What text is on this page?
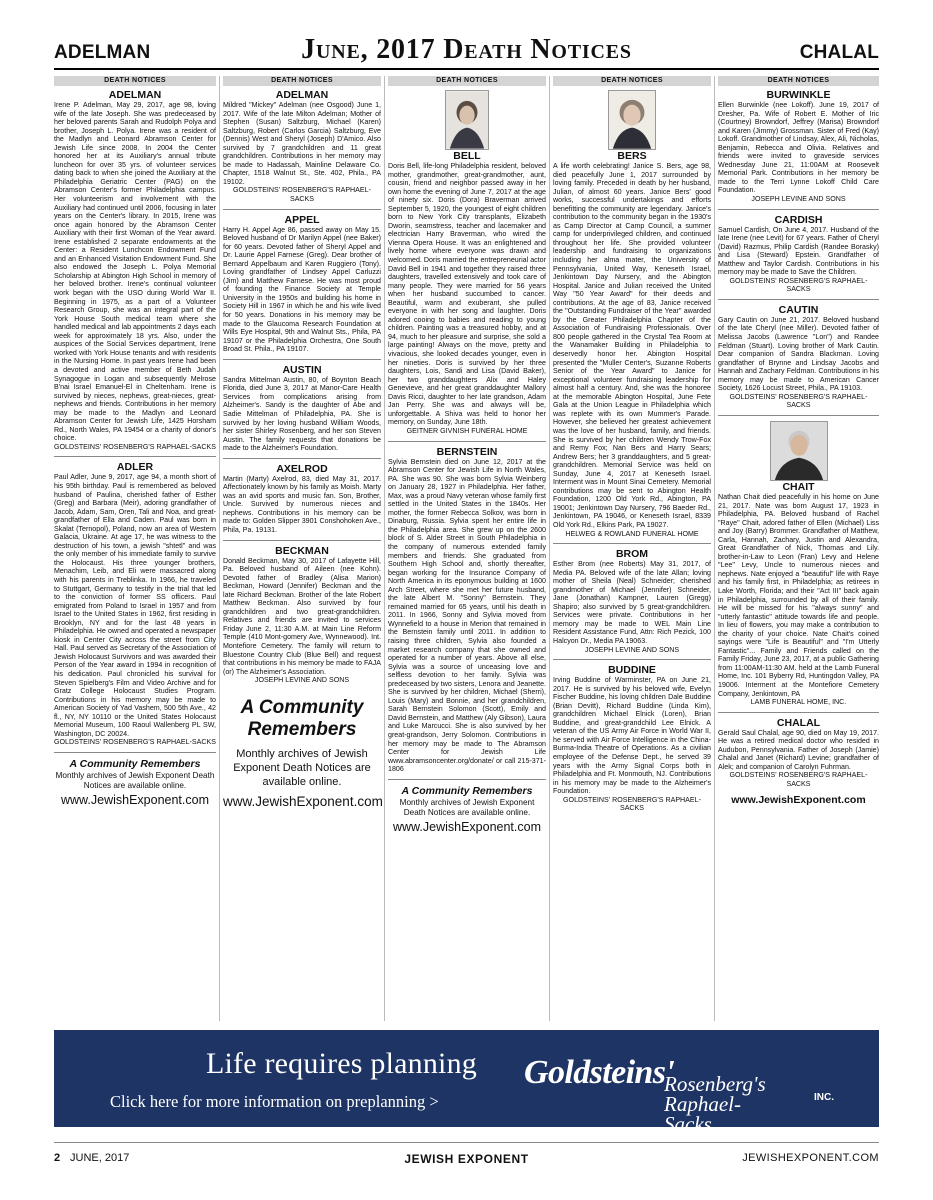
ADELMAN	June, 2017 Death Notices	CHALAL
DEATH NOTICES
ADELMAN

Irene P. Adelman, May 29, 2017, age 98, loving wife of the late Joseph. She was predeceased by her beloved parents Sarah and Rudolph Polya and brother, Joseph L. Polya. Irene was a resident of the Madlyn and Leonard Abramson Center for Jewish Life since 2008. In 2004 the Center honored her at its Auxiliary's annual tribute luncheon for over 35 yrs. of volunteer services dating back to when she joined the Auxiliary at the Philadelphia Geriatric Center (PAG) on the Abramson Center's former Philadelphia campus. Her volunteerism and involvement with the Auxiliary had continued until 2006, focusing in later years on the Center's library. In 2015, Irene was once again honored by the Abramson Center Auxiliary with their first Woman of the Year award. Irene established 2 separate endowments at the Center: a Resident Lunchcon Endowment Fund and an Enhanced Visitation Endowment Fund. She also endowed the Joseph L. Polya Memorial Scholarship at Abington High School in memory of her beloved brother. Irene's continual volunteer work began with the USO during World War II. Beginning in 1975, as a part of a Volunteer Research Group, she was an integral part of the York House South medical team where she handled medical and lab appointments 2 days each week for approximately 18 yrs. Also, under the auspices of the Social Services department, Irene worked with York House tenants and with residents in the Nursing Home. In past years Irene had been a devoted and active member of Beth Judah Synagogue in Logan and subsequently Melrose B'nai Israel Emanuel-El in Cheltenham. Irene is survived by nieces, nephews, great-nieces, great-nephews and friends. Contributions in her memory may be made to the Madlyn and Leonard Abramson Center for Jewish Life, 1425 Horsham Rd., North Wales, PA 19454 or a charity of donor's choice.

GOLDSTEINS' ROSENBERG'S RAPHAEL-SACKS

ADLER

Paul Adler, June 9, 2017, age 94, a month short of his 95th birthday. Paul is remembered as beloved husband of Paulina, cherished father of Esther (Greg) and Barbara (Meir), adoring grandfather of Jacob, Adam, Sam, Oren, Tali and Noa, and great-grandfather of Ella and Caden. Paul was born in Skalat (Ternopol), Poland, now an area of Western Galacia, Ukraine. At age 17, he was witness to the destruction of his town, a jewish "shtetl" and was the only member of his immediate family to survive the Holocaust. His three younger brothers, Menachim, Leib, and Eli were massacred along with his parents in Treblinka. In 1966, he traveled to Stuttgart, Germany to testify in the trial that led to the conviction of former SS officers. Paul emigrated from Poland to Israel in 1957 and from Israel to the United States in 1962, first residing in Brooklyn, NY and for the last 48 years in Philadelphia. He owned and operated a newspaper kiosk in Center City across the street from City Hall. Paul served as Secretary of the Association of Jewish Holocaust Survivors and was awarded their Person of the Year award in 1994 in recognition of his dedication. Paul chronicled his survival for Steven Spielberg's Film and Video Archive and for Gratz College Holocaust Studies Program. Contributions in his memory may be made to American Society of Yad Vashem, 500 5th Ave., 42 fl., NY, NY 10110 or the United States Holocaust Memorial Museum, 100 Raoul Wallenberg PL SW, Washington, DC 20024.

GOLDSTEINS' ROSENBERG'S RAPHAEL-SACKS

A Community Remembers
Monthly archives of Jewish Exponent Death Notices are available online.
www.JewishExponent.com
DEATH NOTICES
ADELMAN

Mildred "Mickey" Adelman (nee Osgood) June 1, 2017. Wife of the late Milton Adelman; Mother of Stephen (Susan) Saltzburg, Michael (Karen) Saltzburg, Robert (Carlos Garcia) Saltzburg, Eve (Dennis) West and Sheryl (Joseph) D'Amico. Also survived by 7 grandchildren and 11 great grandchildren. Contributions in her memory may be made to Hadassah, Mainline Delaware Co. Chapter, 1518 Walnut St., Ste. 402, Phila., PA 19102.

GOLDSTEINS' ROSENBERG'S RAPHAEL-SACKS

APPEL

Harry H. Appel Age 86, passed away on May 15. Beloved husband of Dr Marilyn Appel (nee Baker) for 60 years. Devoted father of Sheryl Appel and Dr. Laurie Appel Farnese (Greg). Dear brother of Bernard Appelbaum and Karen Ruggiero (Tony). Loving grandfather of Lindsey Appel Carluzzi (Jim) and Matthew Farnese. He was most proud of founding the Finance Society at Temple University in the 1950s and building his home in Society Hill in 1967 in which he and his wife lived for 50 years. Donations in his memory may be made to the Glaucoma Research Foundation at Wills Eye Hospital, 9th and Walnut Sts., Phila, PA 19107 or the Philadelphia Orchestra, One South Broad St. Phila., PA 19107.

AUSTIN

Sandra Mittelman Austin, 80, of Boynton Beach Florida, died June 3, 2017 at Manor-Care Health Services from complications arising from Alzheimer's. Sandy is the daughter of Abe and Sadie Mittelman of Philadelphia, PA. She is survived by her loving husband William Woods, her sister Shirley Rosenberg, and her son Steven Austin. The family requests that donations be made to the Alzheimer's Foundation.

AXELROD

Martin (Marty) Axelrod, 83, died May 31, 2017. Affectionately known by his family as Moish. Marty was an avid sports and music fan. Son, Brother, Uncle. Survived by numerous nieces and nephews. Contributions in his memory can be made to: Golden Slipper 3901 Conshohoken Ave., Phila, Pa. 19131.

BECKMAN

Donald Beckman, May 30, 2017 of Lafayette Hill, Pa. Beloved husband of Aileen (nee Kohn). Devoted father of Bradley (Alisa Marion) Beckman, Howard (Jennifer) Beckman and the late Richard Beckman. Brother of the late Robert Matthew Beckman. Also survived by four grandchildren and two great-grandchildren. Relatives and friends are invited to services Friday June 2, 11:30 A.M. at Main Line Reform Temple (410 Mont-gomery Ave, Wynnewood). Int. Montefiore Cemetery. The family will return to Bluestone Country Club (Blue Bell) and request that contributions in his memory be made to FAJA (or) The Alzheimer's Association.

JOSEPH LEVINE AND SONS

A Community Remembers
Monthly archives of Jewish Exponent Death Notices are available online.
www.JewishExponent.com
DEATH NOTICES
BELL

Doris Bell, life-long Philadelphia resident, beloved mother, grandmother, great-grandmother, aunt, cousin, friend and neighbor passed away in her own home the evening of June 7, 2017 at the age of ninety six. Doris (Dora) Braverman arrived September 5, 1920, the youngest of eight children born to New York City transplants, Elizabeth Dworin, seamstress, teacher and lacemaker and electrician Harry Braverman, who wired the Vienna Opera House. It was an enlightened and lively home where everyone was drawn and welcomed. Doris married the entrepreneurial actor David Bell in 1941 and together they raised three daughters, travelled extensively and took care of many people. They were married for 56 years when her husband succumbed to cancer. Beautiful, warm and exuberant, she pulled everyone in with her song and laughter. Doris adored cooing to babies and reading to young children. Painting was a treasured hobby, and at 94, much to her pleasure and surprise, she sold a large painting! Always on the move, pretty and vivacious, she looked decades younger, even in her nineties. Doris is survived by her three daughters, Lois, Sandi and Lisa (David Baker), her two granddaughters Alix and Haley Genevieve, and her great granddaughter Mallory Davis Ricci, daughter to her late grandson, Adam Jan Perry. She was and always will be, unforgettable. A Shiva was held to honor her memory, on Sunday, June 18th.

GEITNER GIVNISH FUNERAL HOME

BERNSTEIN

Sylvia Bernstein died on June 12, 2017 at the Abramson Center for Jewish Life in North Wales, PA. She was 90. She was born Sylvia Weinberg on January 28, 1927 in Philadelphia. Her father, Max, was a proud Navy veteran whose family first settled in the United States in the 1840s. Her mother, the former Rebecca Solkov, was born in Dinaburg, Russia. Sylvia spent her entire life in the Philadelphia area. She grew up on the 2600 block of S. Alder Street in South Philadelphia in the company of numerous extended family members and friends. She graduated from Southern High School and, shortly thereafter, began working for the Insurance Company of North America in its eponymous building at 1600 Arch Street, where she met her future husband, the late Albert M. "Sonny" Bernstein. They remained married for 65 years, until his death in 2011. In 1966, Sonny and Sylvia moved from Wynnefield to a house in Merion that remained in the Bernstein family until 2011. In addition to raising three children, Sylvia also founded a market research company that she owned and operated for a number of years. Above all else, Sylvia was a source of unceasing love and selfless devotion to her family. Sylvia was predeceased by two sisters, Lenora and Jeanette. She is survived by her children, Michael (Sherri), Louis (Mary) and Bonnie, and her grandchildren, Sarah Bernstein Solomon (Scott), Emily and David Bernstein, and Matthew (Aly Gibson), Laura and Luke Marcucci. She is also survived by her great-grandson, Jerry Solomon. Contributions in her memory may be made to The Abramson Center for Jewish Life www.abramsoncenter.org/donate/ or call 215-371-1806

A Community Remembers
Monthly archives of Jewish Exponent Death Notices are available online.
www.JewishExponent.com
DEATH NOTICES
BERS

A life worth celebrating! Janice S. Bers, age 98, died peacefully June 1, 2017 surrounded by loving family. Preceded in death by her husband, Julian, of almost 60 years. Janice Bers' good works, successful undertakings and efforts benefitting the community are legendary. Janice's contribution to the community began in the 1930's as Camp Director at Camp Council, a summer camp for underprivileged children, and continued throughout her life. She provided volunteer leadership and fundraising to organizations including her alma mater, the University of Pennsylvania, United Way, Keneseth Israel, Jenkintown Day Nursery, and the Abington Hospital. Janice and Julian received the United Way "50 Year Award" for their deeds and contributions. At the age of 83, Janice received the "Outstanding Fundraiser of the Year" awarded by the Greater Philadelphia Chapter of the Association of Fundraising Professionals. Over 800 people gathered in the Crystal Tea Room at the Wanamaker Building in Philadelphia to deservedly honor her. Abington Hospital presented the "Muller Center's, Suzanne Roberts Senior of the Year Award" to Janice for exceptional volunteer fundraising leadership for almost half a century. And, she was the honoree at the memorable Abington Hospital, June Fete Gala at the Union League in Philadelphia which was replete with its own Mummer's Parade. However, she believed her greatest achievement was the love of her husband, family, and friends. She is survived by her children Wendy Trow-Fox and Remy Fox; Nan Bers and Harry Sears; Andrew Bers; her 3 granddaughters, and 5 great-grandchildren. Memorial Service was held on Sunday, June 4, 2017 at Keneseth Israel. Interment was in Mount Sinai Cemetery. Memorial contributions may be sent to Abington Health Foundation, 1200 Old York Rd., Abington, PA 19001; Jenkintown Day Nursery, 796 Baeder Rd., Jenkintown, PA 19046, or Keneseth Israel, 8339 Old York Rd., Elkins Park, PA 19027.

HELWEG & ROWLAND FUNERAL HOME

BROM

Esther Brom (nee Roberts) May 31, 2017, of Media PA. Beloved wife of the late Allan; loving mother of Sheila (Neal) Schneider; cherished grandmother of Michael (Jennifer) Schneider, Jane (Jonathan) Kampner, Lauren (Gregg) Shapiro; also survived by 5 great-grandchildren. Services were private. Contributions in her memory may be made to WEL Main Line Resident Assistance Fund, Attn: Rich Pezick, 100 Halcyon Dr., Media PA 19063.

JOSEPH LEVINE AND SONS

BUDDINE

Irving Buddine of Warminster, PA on June 21, 2017. He is survived by his beloved wife, Evelyn Fischer Buddine, his loving children Dale Buddine (Brian Devitt), Richard Buddine (Linda Kim), grandchildren Michael Elnick (Loren), Brian Buddine, and great-grandchild Lee Elnick. A veteran of the US Army Air Force in World War II, he served with Air Force Intelligence in the China-Burma-India Theatre of Operations. As a civilian employee of the Defense Dept., he served 39 years with the Army Signal Corps both in Philadelphia and Ft. Monmouth, NJ. Contributions in his memory may be made to the Alzheimer's Foundation.

GOLDSTEINS' ROSENBERG'S RAPHAEL-SACKS

DEATH NOTICES
BURWINKLE

Ellen Burwinkle (nee Lokoff). June 19, 2017 of Dresher, Pa. Wife of Robert E. Mother of Iric (Courtney) Browndorf, Jeffrey (Marisa) Browndorf and Karen (Jimmy) Grossman. Sister of Fred (Kay) Lokoff. Grandmother of Lindsay, Alex, Ali, Nicholas, Benjamin, Rebecca and Olivia. Relatives and friends were invited to graveside services Wednesday June 21, 11:00AM at Roosevelt Memorial Park. Contributions in her memory be made to the Terri Lynne Lokoff Child Care Foundation.

JOSEPH LEVINE AND SONS

CARDISH

Samuel Cardish, On June 4, 2017. Husband of the late Irene (nee Levit) for 67 years. Father of Cheryl (David) Razmus, Philip Cardish (Randee Borasky) and Lisa (Steward) Epstein. Grandfather of Matthew and Taylor Cardish. Contributions in his memory may be made to Save the Children.

GOLDSTEINS' ROSENBERG'S RAPHAEL-SACKS

CAUTIN

Gary Cautin on June 21, 2017. Beloved husband of the late Cheryl (nee Miller). Devoted father of Melissa Jacobs (Lawrence "Lon") and Randee Feldman (Stuart). Loving brother of Mark Cautin. Dear companion of Sandra Blackman. Loving grandfather of Brynne and Lindsay Jacobs and Hannah and Zachary Feldman. Contributions in his memory may be made to American Cancer Society, 1626 Locust Street, Phila., PA 19103.

GOLDSTEINS' ROSENBERG'S RAPHAEL-SACKS

CHAIT

Nathan Chait died peacefully in his home on June 21, 2017. Nate was born August 17, 1923 in Philadelphia, PA. Beloved husband of Rachel "Raye" Chait, adored father of Ellen (Michael) Liss and Joy (Barry) Brommer. Grandfather of Matthew, Carla, Hannah, Zachary, Justin and Alexandra, Great Grandfather of Nick, Thomas and Lily. brother-in-Law to Leon (Fran) Levy and Helene "Lee" Levy, Uncle to numerous nieces and nephews. Nate enjoyed a "beautiful" life with Raye and his family first, in Philadelphia; as retirees in Lake Worth, Florida; and their "Act III" back again in Philadelphia, surrounded by all of their family. He will be missed for his "always sunny" and "utterly fantastic" attitude towards life and people. In lieu of flowers, you may make a contribution to the charity of your choice. Nate Chait's coined sayings were "Life is Beautiful" and "I'm Utterly Fantastic"... Family and Friends called on the Family Friday, June 23, 2017, at a public Gathering from 11:00AM-11:30 AM. held at the Lamb Funeral Home, Inc. 101 Byberry Rd, Huntingdon Valley, PA 19006. Interment at the Montefiore Cemetery Company, Jenkintown, PA

LAMB FUNERAL HOME, INC.

CHALAL

Gerald Saul Chalal, age 90, died on May 19, 2017. He was a retired medical doctor who resided in Audubon, Pennsylvania. Father of Joseph (Jamie) Chalal and Janet (Richard) Levine; grandfather of Alek; and companion of Carolyn Fuhrman.

GOLDSTEINS' ROSENBERG'S RAPHAEL-SACKS

www.JewishExponent.com
Life requires planning
Click here for more information on preplanning >
Goldsteins'
Rosenberg's
Raphael-Sacks
INC.
2 JUNE, 2017	JEWISH EXPONENT	JEWISHEXPONENT.COM
